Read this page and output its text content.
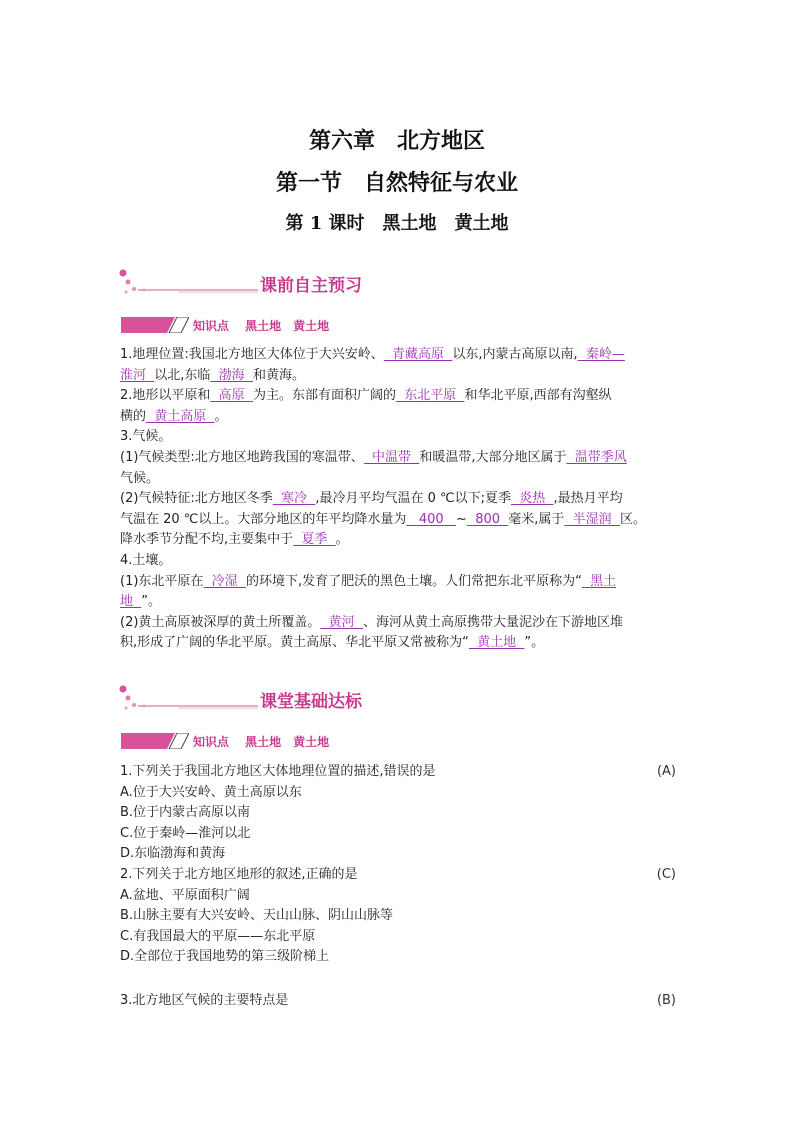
第六章　北方地区
第一节　自然特征与农业
第 1 课时　黑土地　黄土地
课前自主预习
知识点　 黑土地　黄土地

1.地理位置:我国北方地区大体位于大兴安岭、  青藏高原  以东,内蒙古高原以南,  秦岭—

淮河  以北,东临  渤海  和黄海。

2.地形以平原和  高原  为主。东部有面积广阔的  东北平原  和华北平原,西部有沟壑纵

横的  黄土高原  。

3.气候。

(1)气候类型:北方地区地跨我国的寒温带、  中温带  和暖温带,大部分地区属于  温带季风

气候。

(2)气候特征:北方地区冬季  寒冷  ,最冷月平均气温在 0 ℃以下;夏季  炎热  ,最热月平均

气温在 20 ℃以上。大部分地区的年平均降水量为   400   ~  800  毫米,属于  半湿润  区。

降水季节分配不均,主要集中于  夏季  。

4.土壤。

(1)东北平原在  冷湿  的环境下,发育了肥沃的黑色土壤。人们常把东北平原称为“  黑土

地  ”。

(2)黄土高原被深厚的黄土所覆盖。  黄河  、海河从黄土高原携带大量泥沙在下游地区堆

积,形成了广阔的华北平原。黄土高原、华北平原又常被称为“  黄土地  ”。

课堂基础达标
知识点　 黑土地　黄土地

1.下列关于我国北方地区大体地理位置的描述,错误的是	(A)

A.位于大兴安岭、黄土高原以东

B.位于内蒙古高原以南

C.位于秦岭—淮河以北

D.东临渤海和黄海

2.下列关于北方地区地形的叙述,正确的是	(C)

A.盆地、平原面积广阔

B.山脉主要有大兴安岭、天山山脉、阴山山脉等

C.有我国最大的平原——东北平原

D.全部位于我国地势的第三级阶梯上

3.北方地区气候的主要特点是	(B)
